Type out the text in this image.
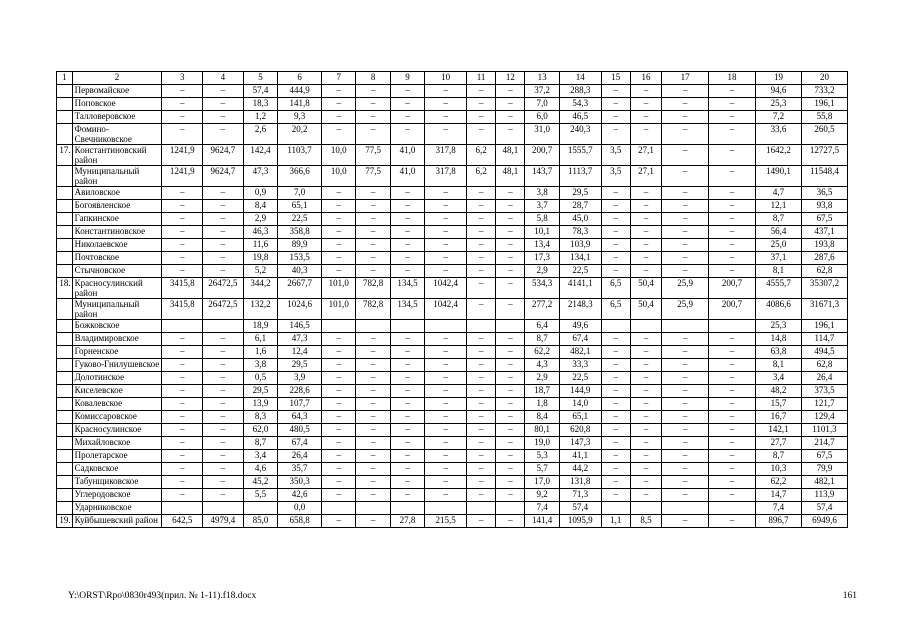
1	2	3	4	5	6	7	8	9	10	11	12	13	14	15	16	17	18	19	20
	Первомайское	–	–	57,4	444,9	–	–	–	–	–	–	37,2	288,3	–	–	–	–	94,6	733,2
	Поповское	–	–	18,3	141,8	–	–	–	–	–	–	7,0	54,3	–	–	–	–	25,3	196,1
	Талловеровское	–	–	1,2	9,3	–	–	–	–	–	–	6,0	46,5	–	–	–	–	7,2	55,8
	Фомино-Свечниковское	–	–	2,6	20,2	–	–	–	–	–	–	31,0	240,3	–	–	–	–	33,6	260,5
17.	Константиновский район	1241,9	9624,7	142,4	1103,7	10,0	77,5	41,0	317,8	6,2	48,1	200,7	1555,7	3,5	27,1	–	–	1642,2	12727,5
	Муниципальный район	1241,9	9624,7	47,3	366,6	10,0	77,5	41,0	317,8	6,2	48,1	143,7	1113,7	3,5	27,1	–	–	1490,1	11548,4
	Авиловское	–	–	0,9	7,0	–	–	–	–	–	–	3,8	29,5	–	–	–	–	4,7	36,5
	Богоявленское	–	–	8,4	65,1	–	–	–	–	–	–	3,7	28,7	–	–	–	–	12,1	93,8
	Гапкинское	–	–	2,9	22,5	–	–	–	–	–	–	5,8	45,0	–	–	–	–	8,7	67,5
	Константиновское	–	–	46,3	358,8	–	–	–	–	–	–	10,1	78,3	–	–	–	–	56,4	437,1
	Николаевское	–	–	11,6	89,9	–	–	–	–	–	–	13,4	103,9	–	–	–	–	25,0	193,8
	Почтовское	–	–	19,8	153,5	–	–	–	–	–	–	17,3	134,1	–	–	–	–	37,1	287,6
	Стычновское	–	–	5,2	40,3	–	–	–	–	–	–	2,9	22,5	–	–	–	–	8,1	62,8
18.	Красносулинский район	3415,8	26472,5	344,2	2667,7	101,0	782,8	134,5	1042,4	–	–	534,3	4141,1	6,5	50,4	25,9	200,7	4555,7	35307,2
	Муниципальный район	3415,8	26472,5	132,2	1024,6	101,0	782,8	134,5	1042,4	–	–	277,2	2148,3	6,5	50,4	25,9	200,7	4086,6	31671,3
	Божковское			18,9	146,5							6,4	49,6					25,3	196,1
	Владимировское	–	–	6,1	47,3	–	–	–	–	–	–	8,7	67,4	–	–	–	–	14,8	114,7
	Горненское	–	–	1,6	12,4	–	–	–	–	–	–	62,2	482,1	–	–	–	–	63,8	494,5
	Гуково-Гнилушевское	–	–	3,8	29,5	–	–	–	–	–	–	4,3	33,3	–	–	–	–	8,1	62,8
	Долотинское	–	–	0,5	3,9	–	–	–	–	–	–	2,9	22,5	–	–	–	–	3,4	26,4
	Киселевское	–	–	29,5	228,6	–	–	–	–	–	–	18,7	144,9	–	–	–	–	48,2	373,5
	Ковалевское	–	–	13,9	107,7	–	–	–	–	–	–	1,8	14,0	–	–	–	–	15,7	121,7
	Комиссаровское	–	–	8,3	64,3	–	–	–	–	–	–	8,4	65,1	–	–	–	–	16,7	129,4
	Красносулинское	–	–	62,0	480,5	–	–	–	–	–	–	80,1	620,8	–	–	–	–	142,1	1101,3
	Михайловское	–	–	8,7	67,4	–	–	–	–	–	–	19,0	147,3	–	–	–	–	27,7	214,7
	Пролетарское	–	–	3,4	26,4	–	–	–	–	–	–	5,3	41,1	–	–	–	–	8,7	67,5
	Садковское	–	–	4,6	35,7	–	–	–	–	–	–	5,7	44,2	–	–	–	–	10,3	79,9
	Табунщиковское	–	–	45,2	350,3	–	–	–	–	–	–	17,0	131,8	–	–	–	–	62,2	482,1
	Углеродовское	–	–	5,5	42,6	–	–	–	–	–	–	9,2	71,3	–	–	–	–	14,7	113,9
	Ударниковское				0,0							7,4	57,4					7,4	57,4
19.	Куйбышевский район	642,5	4979,4	85,0	658,8	–	–	27,8	215,5	–	–	141,4	1095,9	1,1	8,5	–	–	896,7	6949,6
Y:\ORST\Rpo\0830r493(прил. № 1-11).f18.docx	161
